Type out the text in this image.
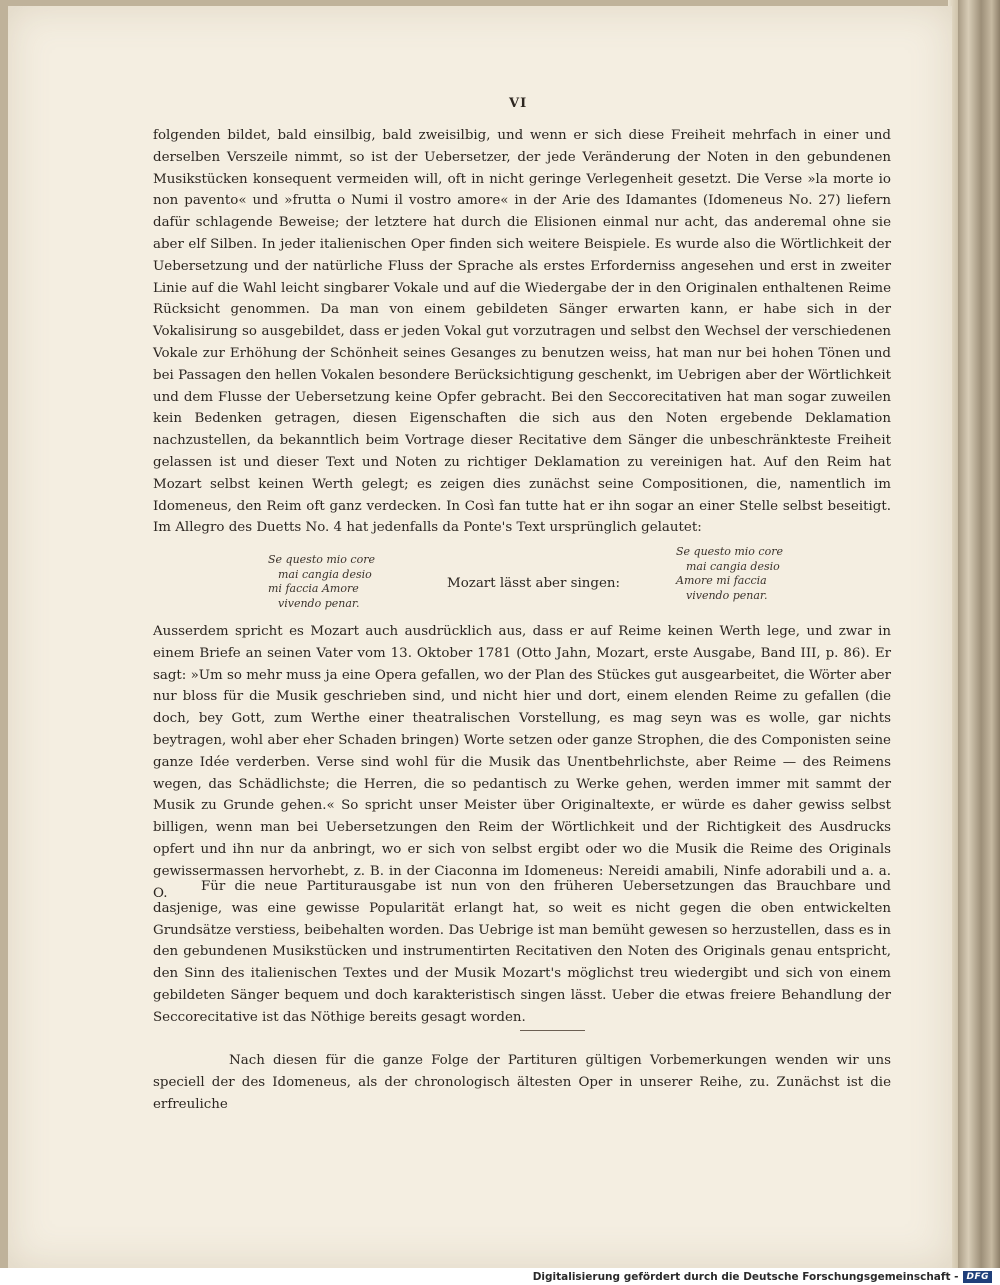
VI

folgenden bildet, bald einsilbig, bald zweisilbig, und wenn er sich diese Freiheit mehrfach in einer und derselben Verszeile nimmt, so ist der Uebersetzer, der jede Veränderung der Noten in den gebundenen Musikstücken konsequent vermeiden will, oft in nicht geringe Verlegenheit gesetzt. Die Verse »la morte io non pavento« und »frutta o Numi il vostro amore« in der Arie des Idamantes (Idomeneus No. 27) liefern dafür schlagende Beweise; der letztere hat durch die Elisionen einmal nur acht, das anderemal ohne sie aber elf Silben. In jeder italienischen Oper finden sich weitere Beispiele. Es wurde also die Wörtlichkeit der Uebersetzung und der natürliche Fluss der Sprache als erstes Erforderniss angesehen und erst in zweiter Linie auf die Wahl leicht singbarer Vokale und auf die Wiedergabe der in den Originalen enthaltenen Reime Rücksicht genommen. Da man von einem gebildeten Sänger erwarten kann, er habe sich in der Vokalisirung so ausgebildet, dass er jeden Vokal gut vorzutragen und selbst den Wechsel der verschiedenen Vokale zur Erhöhung der Schönheit seines Gesanges zu benutzen weiss, hat man nur bei hohen Tönen und bei Passagen den hellen Vokalen besondere Berücksichtigung geschenkt, im Uebrigen aber der Wörtlichkeit und dem Flusse der Uebersetzung keine Opfer gebracht. Bei den Seccorecitativen hat man sogar zuweilen kein Bedenken getragen, diesen Eigenschaften die sich aus den Noten ergebende Deklamation nachzustellen, da bekanntlich beim Vortrage dieser Recitative dem Sänger die unbeschränkteste Freiheit gelassen ist und dieser Text und Noten zu richtiger Deklamation zu vereinigen hat. Auf den Reim hat Mozart selbst keinen Werth gelegt; es zeigen dies zunächst seine Compositionen, die, namentlich im Idomeneus, den Reim oft ganz verdecken. In Così fan tutte hat er ihn sogar an einer Stelle selbst beseitigt. Im Allegro des Duetts No. 4 hat jedenfalls da Ponte's Text ursprünglich gelautet:

Se questo mio core
mai cangia desio
mi faccia Amore
vivendo penar.
Mozart lässt aber singen:
Se questo mio core
mai cangia desio
Amore mi faccia
vivendo penar.

Ausserdem spricht es Mozart auch ausdrücklich aus, dass er auf Reime keinen Werth lege, und zwar in einem Briefe an seinen Vater vom 13. Oktober 1781 (Otto Jahn, Mozart, erste Ausgabe, Band III, p. 86). Er sagt: »Um so mehr muss ja eine Opera gefallen, wo der Plan des Stückes gut ausgearbeitet, die Wörter aber nur bloss für die Musik geschrieben sind, und nicht hier und dort, einem elenden Reime zu gefallen (die doch, bey Gott, zum Werthe einer theatralischen Vorstellung, es mag seyn was es wolle, gar nichts beytragen, wohl aber eher Schaden bringen) Worte setzen oder ganze Strophen, die des Componisten seine ganze Idée verderben. Verse sind wohl für die Musik das Unentbehrlichste, aber Reime — des Reimens wegen, das Schädlichste; die Herren, die so pedantisch zu Werke gehen, werden immer mit sammt der Musik zu Grunde gehen.« So spricht unser Meister über Originaltexte, er würde es daher gewiss selbst billigen, wenn man bei Uebersetzungen den Reim der Wörtlichkeit und der Richtigkeit des Ausdrucks opfert und ihn nur da anbringt, wo er sich von selbst ergibt oder wo die Musik die Reime des Originals gewissermassen hervorhebt, z. B. in der Ciaconna im Idomeneus: Nereidi amabili, Ninfe adorabili und a. a. O.	Für die neue Partiturausgabe ist nun von den früheren Uebersetzungen das Brauchbare und dasjenige, was eine gewisse Popularität erlangt hat, so weit es nicht gegen die oben entwickelten Grundsätze verstiess, beibehalten worden. Das Uebrige ist man bemüht gewesen so herzustellen, dass es in den gebundenen Musikstücken und instrumentirten Recitativen den Noten des Originals genau entspricht, den Sinn des italienischen Textes und der Musik Mozart's möglichst treu wiedergibt und sich von einem gebildeten Sänger bequem und doch karakteristisch singen lässt. Ueber die etwas freiere Behandlung der Seccorecitative ist das Nöthige bereits gesagt worden.

Nach diesen für die ganze Folge der Partituren gültigen Vorbemerkungen wenden wir uns speciell der des Idomeneus, als der chronologisch ältesten Oper in unserer Reihe, zu. Zunächst ist die erfreuliche

Digitalisierung gefördert durch die Deutsche Forschungsgemeinschaft - DFG
